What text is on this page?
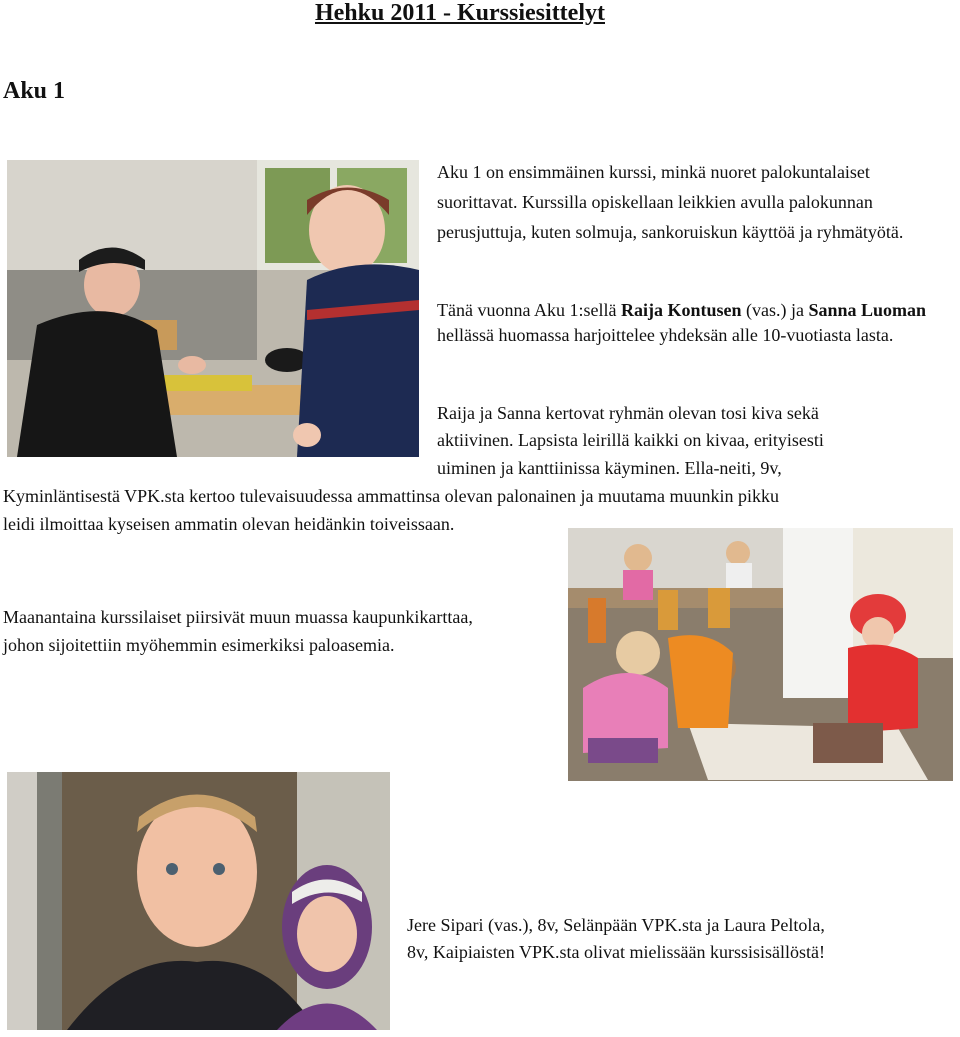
Hehku 2011 - Kurssiesittelyt
Aku 1

Aku 1 on ensimmäinen kurssi, minkä nuoret palokuntalaiset suorittavat. Kurssilla opiskellaan leikkien avulla palokunnan perusjuttuja, kuten solmuja, sankoruiskun käyttöä ja ryhmätyötä.

Tänä vuonna Aku 1:sellä Raija Kontusen (vas.) ja Sanna Luoman hellässä huomassa harjoittelee yhdeksän alle 10-vuotiasta lasta.

Raija ja Sanna kertovat ryhmän olevan tosi kiva sekä
aktiivinen. Lapsista leirillä kaikki on kivaa, erityisesti
uiminen ja kanttiinissa käyminen. Ella-neiti, 9v,
Kyminläntisestä VPK.sta kertoo tulevaisuudessa ammattinsa olevan palonainen ja muutama muunkin pikku
leidi ilmoittaa kyseisen ammatin olevan heidänkin toiveissaan.
Maanantaina kurssilaiset piirsivät muun muassa kaupunkikarttaa,
johon sijoitettiin myöhemmin esimerkiksi paloasemia.
Jere Sipari (vas.), 8v, Selänpään VPK.sta ja Laura Peltola,
8v, Kaipiaisten VPK.sta olivat mielissään kurssisisällöstä!
